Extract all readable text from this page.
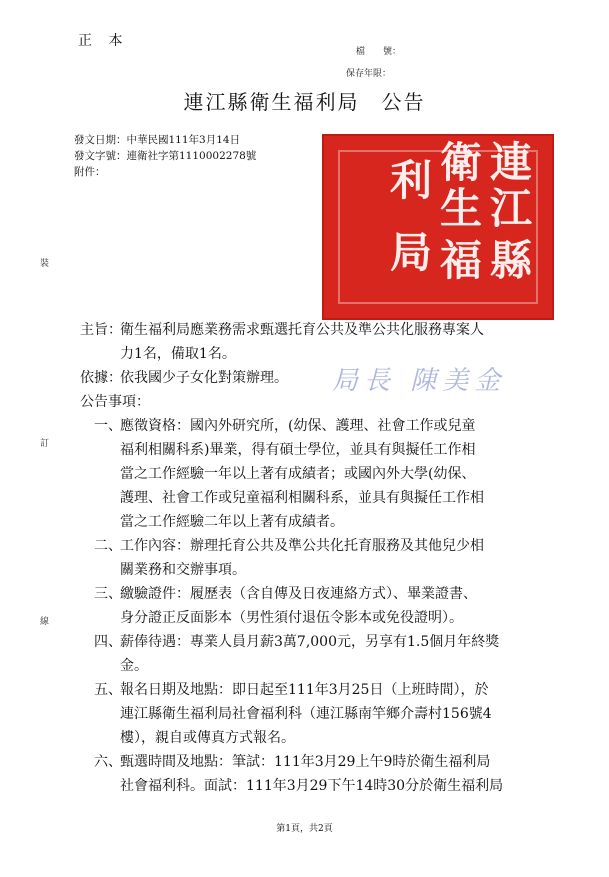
正 本
檔　　號：
保存年限：
連江縣衛生福利局　公告
發文日期：中華民國111年3月14日
發文字號：連衛社字第1110002278號
附件：
裝
訂
線
連
江
縣
衛
生
福
利
局
局長 陳美金
主旨：
衛生福利局應業務需求甄選托育公共及準公共化服務專案人
力1名，備取1名。
依據：
依我國少子女化對策辦理。
公告事項：
一、
應徵資格：國內外研究所，(幼保、護理、社會工作或兒童
福利相關科系)畢業，得有碩士學位，並具有與擬任工作相
當之工作經驗一年以上著有成績者；或國內外大學(幼保、
護理、社會工作或兒童福利相關科系，並具有與擬任工作相
當之工作經驗二年以上著有成績者。
二、
工作內容：辦理托育公共及準公共化托育服務及其他兒少相
關業務和交辦事項。
三、
繳驗證件：履歷表（含自傳及日夜連絡方式）、畢業證書、
身分證正反面影本（男性須付退伍令影本或免役證明）。
四、
薪俸待遇：專業人員月薪3萬7,000元，另享有1.5個月年終獎
金。
五、
報名日期及地點：即日起至111年3月25日（上班時間），於
連江縣衛生福利局社會福利科（連江縣南竿鄉介壽村156號4
樓），親自或傳真方式報名。
六、
甄選時間及地點：筆試：111年3月29上午9時於衛生福利局
社會福利科。面試：111年3月29下午14時30分於衛生福利局
第1頁，共2頁
